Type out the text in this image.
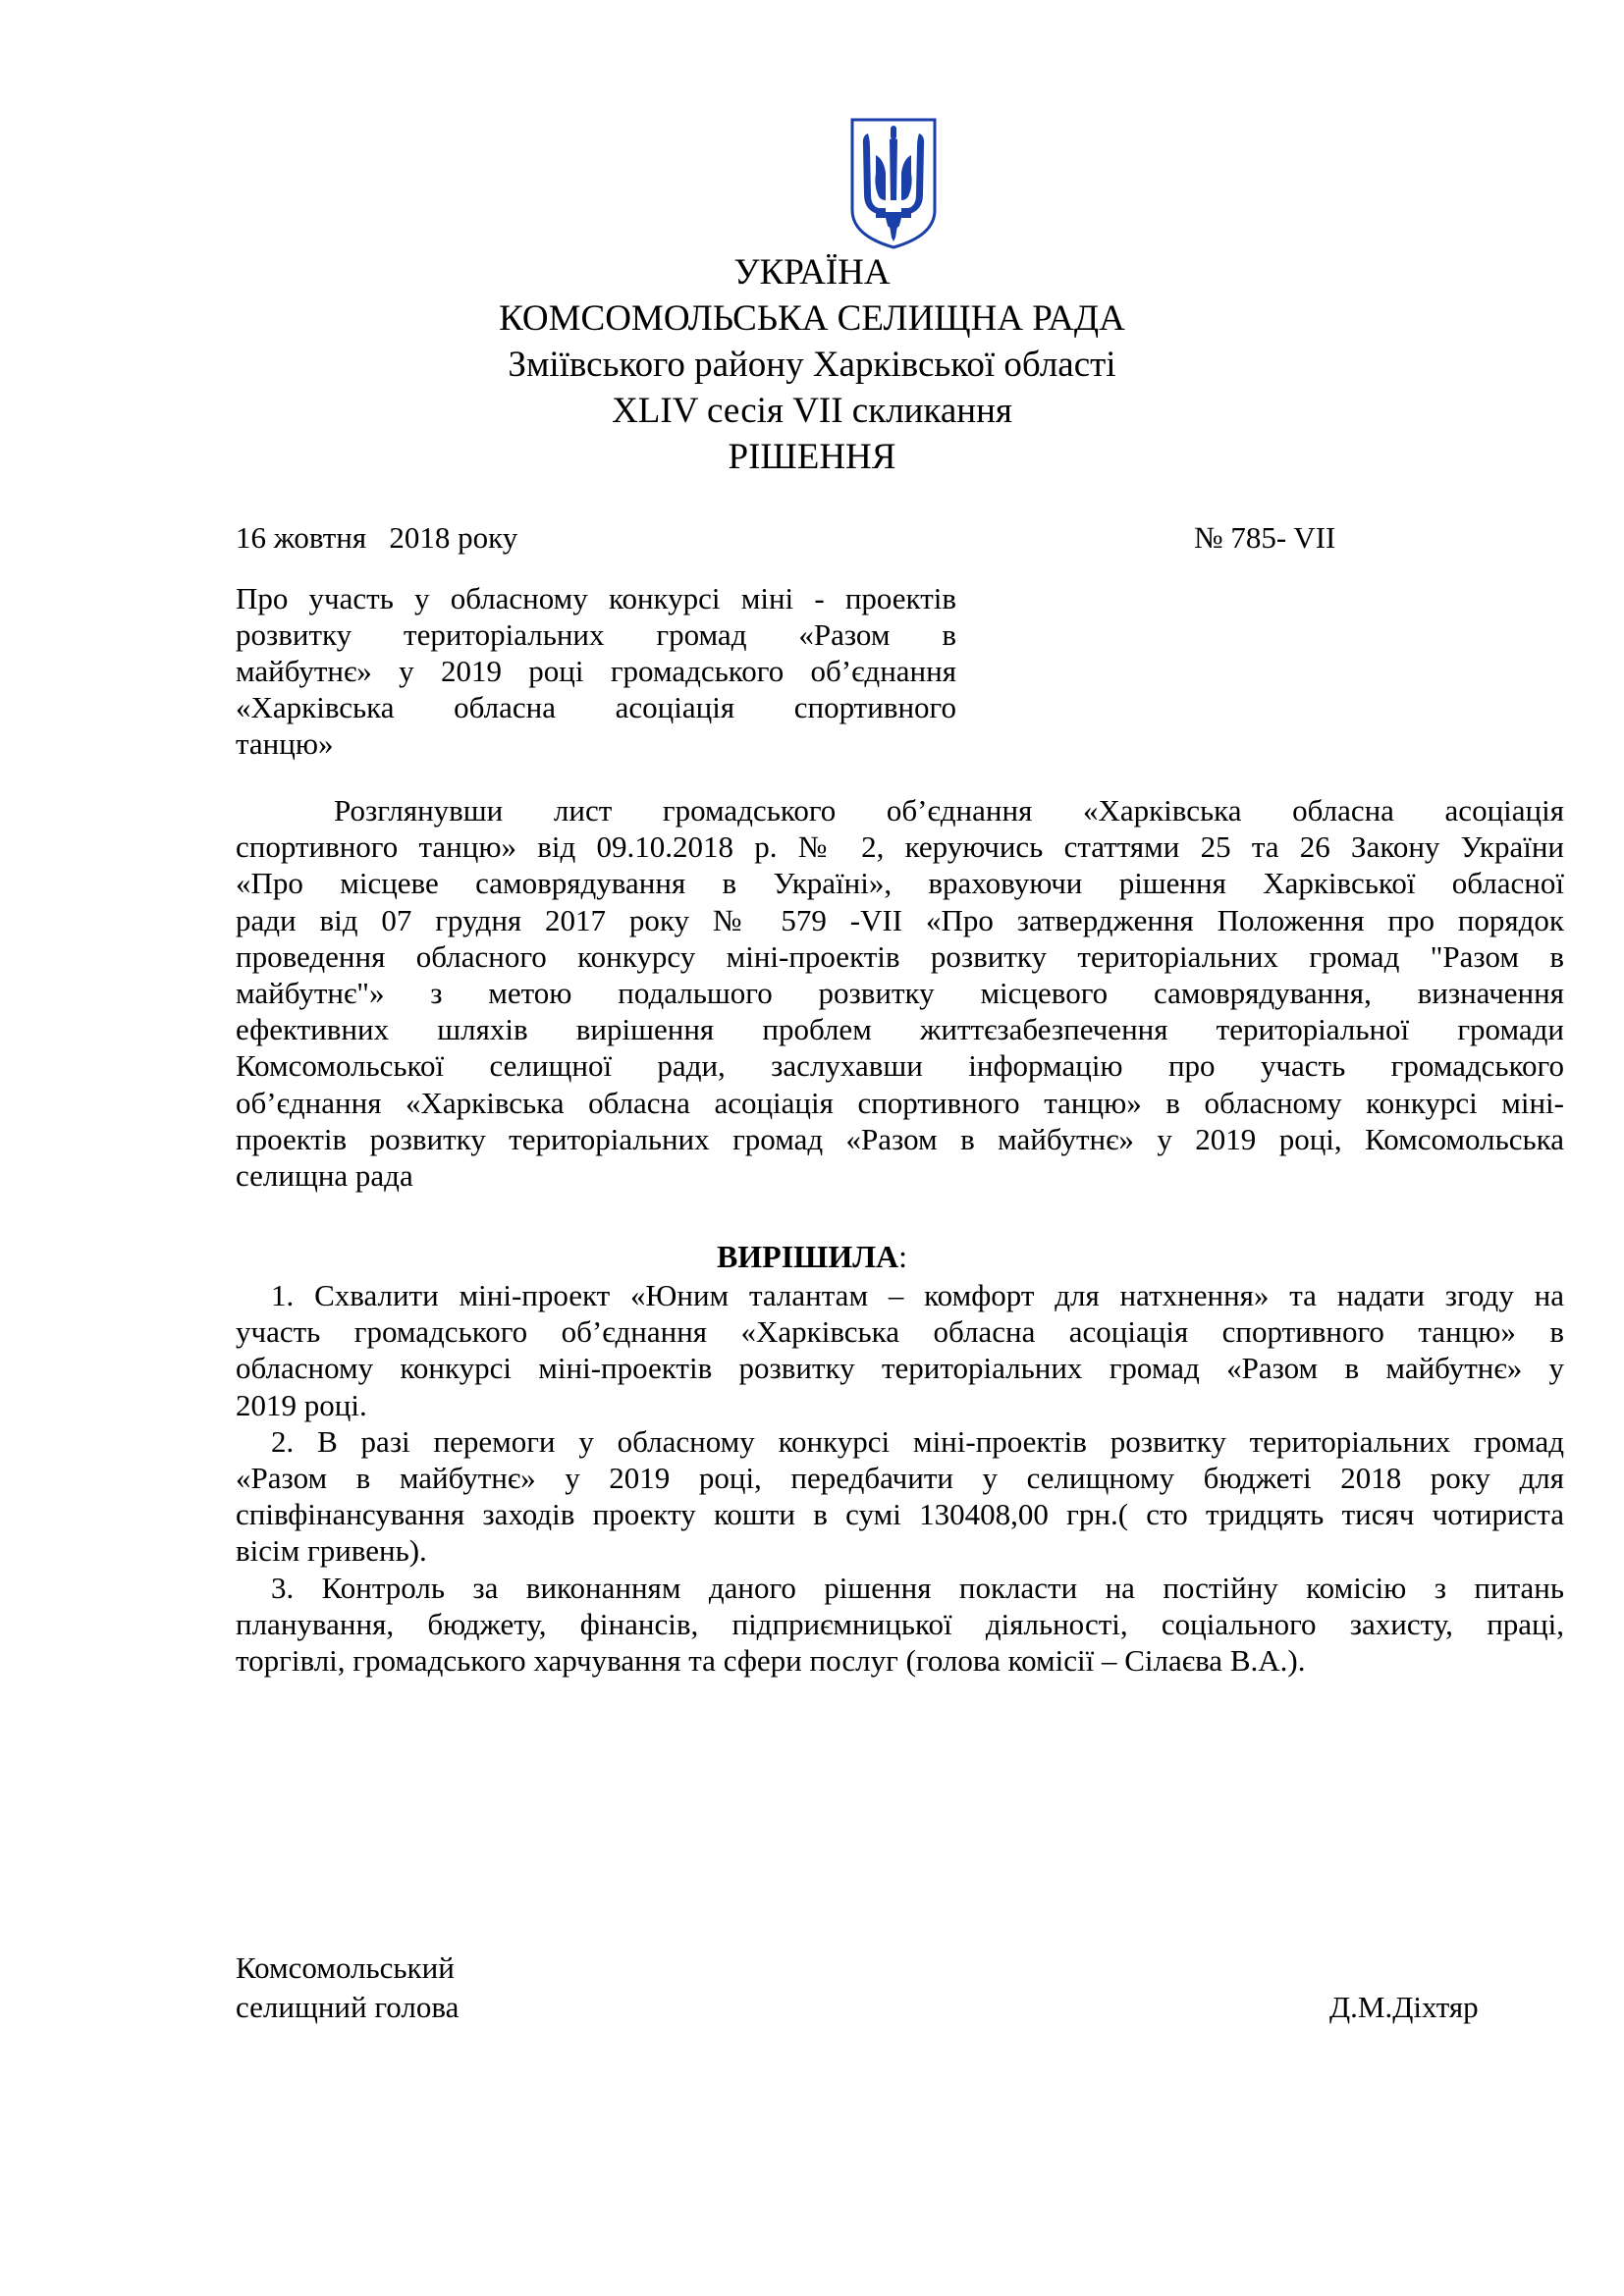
УКРАЇНА
КОМСОМОЛЬСЬКА СЕЛИЩНА РАДА
Зміївського району Харківської області
XLIV сесія VII скликання
РІШЕННЯ
16 жовтня   2018 року	№ 785- VII
Про участь у обласному конкурсі міні - проектів
розвитку територіальних громад «Разом в
майбутнє» у 2019 році громадського об’єднання
«Харківська обласна асоціація спортивного
танцю»
Розглянувши лист громадського об’єднання «Харківська обласна асоціація
спортивного танцю» від 09.10.2018 р. № 2, керуючись статтями 25 та 26 Закону України
«Про місцеве самоврядування в Україні», враховуючи рішення Харківської обласної
ради від 07 грудня 2017 року № 579 -VII «Про затвердження Положення про порядок
проведення обласного конкурсу міні-проектів розвитку територіальних громад "Разом в
майбутнє"» з метою подальшого розвитку місцевого самоврядування, визначення
ефективних шляхів вирішення проблем життєзабезпечення територіальної громади
Комсомольської селищної ради, заслухавши інформацію про участь громадського
об’єднання «Харківська обласна асоціація спортивного танцю» в обласному конкурсі міні-
проектів розвитку територіальних громад «Разом в майбутнє» у 2019 році, Комсомольська
селищна рада
ВИРІШИЛА:
1. Схвалити міні-проект «Юним талантам – комфорт для натхнення» та надати згоду на
участь громадського об’єднання «Харківська обласна асоціація спортивного танцю» в
обласному конкурсі міні-проектів розвитку територіальних громад «Разом в майбутнє» у
2019 році.
2. В разі перемоги у обласному конкурсі міні-проектів розвитку територіальних громад
«Разом в майбутнє» у 2019 році, передбачити у селищному бюджеті 2018 року для
співфінансування заходів проекту кошти в сумі 130408,00 грн.( сто тридцять тисяч чотириста
вісім гривень).
3. Контроль за виконанням даного рішення покласти на постійну комісію з питань
планування, бюджету, фінансів, підприємницької діяльності, соціального захисту, праці,
торгівлі, громадського харчування та сфери послуг (голова комісії – Сілаєва В.А.).
Комсомольський
селищний голова	Д.М.Діхтяр
